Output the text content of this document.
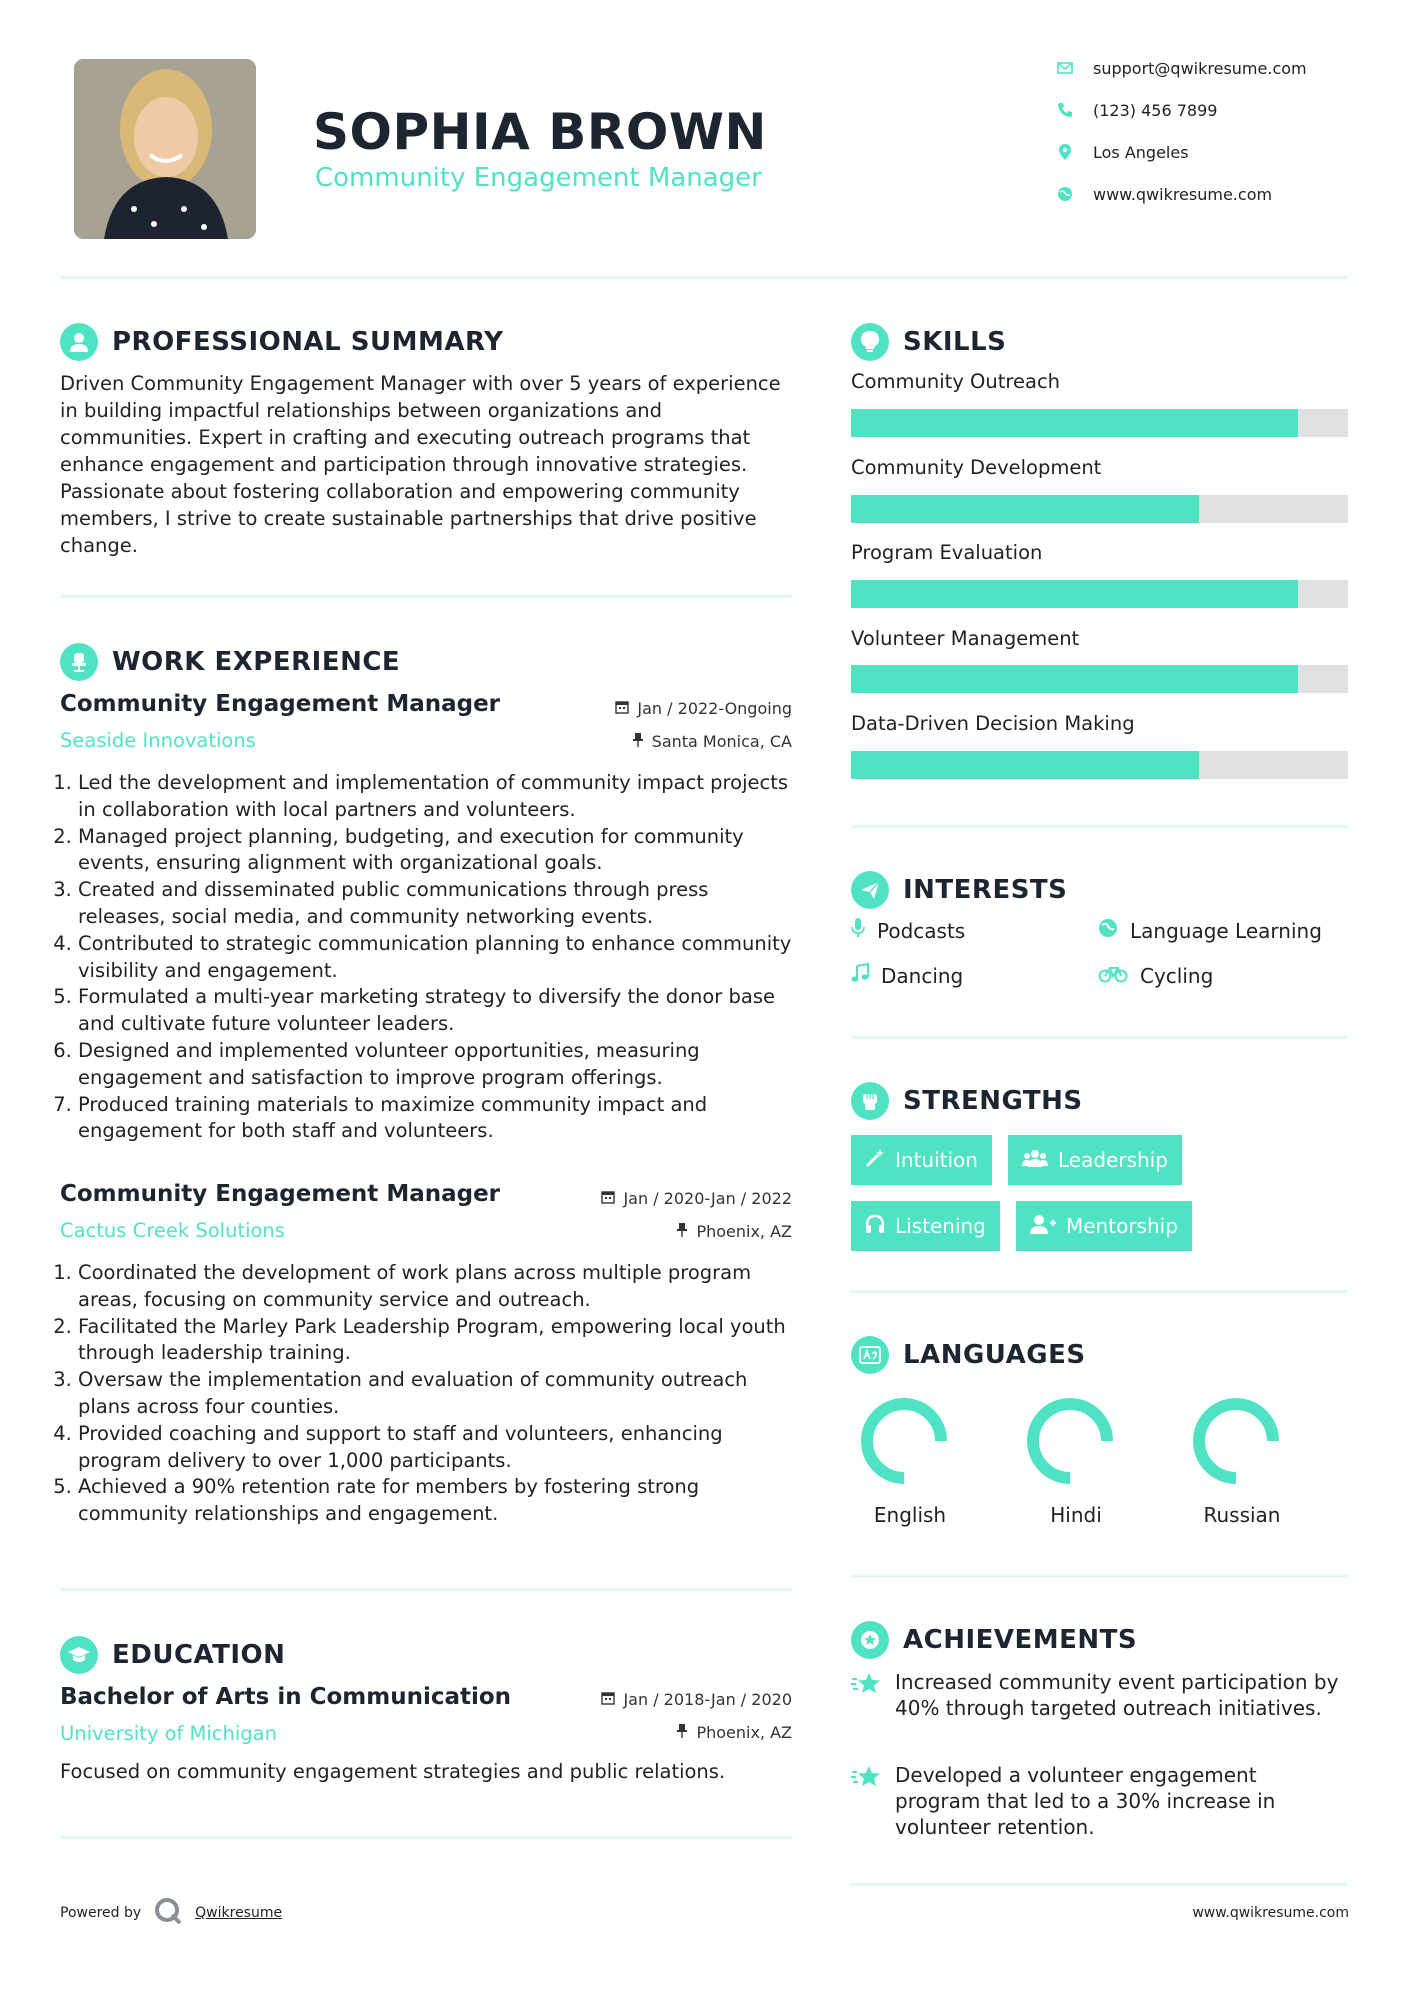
SOPHIA BROWN
Community Engagement Manager
support@qwikresume.com
(123) 456 7899
Los Angeles
www.qwikresume.com
PROFESSIONAL SUMMARY
Driven Community Engagement Manager with over 5 years of experience in building impactful relationships between organizations and communities. Expert in crafting and executing outreach programs that enhance engagement and participation through innovative strategies. Passionate about fostering collaboration and empowering community members, I strive to create sustainable partnerships that drive positive change.
WORK EXPERIENCE
Community Engagement Manager	Jan / 2022-Ongoing
Seaside Innovations	Santa Monica, CA
1. Led the development and implementation of community impact projects in collaboration with local partners and volunteers.
2. Managed project planning, budgeting, and execution for community events, ensuring alignment with organizational goals.
3. Created and disseminated public communications through press releases, social media, and community networking events.
4. Contributed to strategic communication planning to enhance community visibility and engagement.
5. Formulated a multi-year marketing strategy to diversify the donor base and cultivate future volunteer leaders.
6. Designed and implemented volunteer opportunities, measuring engagement and satisfaction to improve program offerings.
7. Produced training materials to maximize community impact and engagement for both staff and volunteers.
Community Engagement Manager	Jan / 2020-Jan / 2022
Cactus Creek Solutions	Phoenix, AZ
1. Coordinated the development of work plans across multiple program areas, focusing on community service and outreach.
2. Facilitated the Marley Park Leadership Program, empowering local youth through leadership training.
3. Oversaw the implementation and evaluation of community outreach plans across four counties.
4. Provided coaching and support to staff and volunteers, enhancing program delivery to over 1,000 participants.
5. Achieved a 90% retention rate for members by fostering strong community relationships and engagement.
EDUCATION
Bachelor of Arts in Communication	Jan / 2018-Jan / 2020
University of Michigan	Phoenix, AZ
Focused on community engagement strategies and public relations.
SKILLS
Community Outreach
Community Development
Program Evaluation
Volunteer Management
Data-Driven Decision Making
INTERESTS
Podcasts	Language Learning
Dancing	Cycling
STRENGTHS
Intuition	Leadership
Listening	Mentorship
LANGUAGES
English	Hindi	Russian
ACHIEVEMENTS
Increased community event participation by 40% through targeted outreach initiatives.
Developed a volunteer engagement program that led to a 30% increase in volunteer retention.
Powered by	Qwikresume	www.qwikresume.com
